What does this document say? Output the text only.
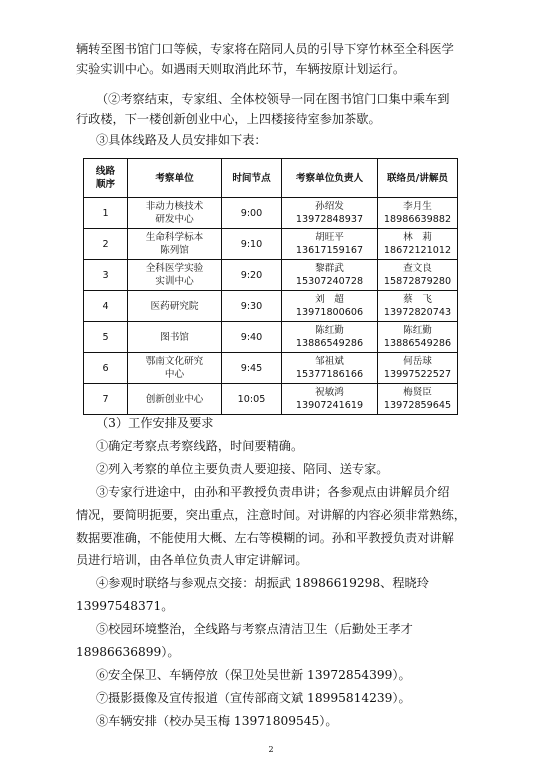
辆转至图书馆门口等候，专家将在陪同人员的引导下穿竹林至全科医学
实验实训中心。如遇雨天则取消此环节，车辆按原计划运行。
（②考察结束，专家组、全体校领导一同在图书馆门口集中乘车到
行政楼，下一楼创新创业中心，上四楼接待室参加茶歇。
③具体线路及人员安排如下表：
线路
顺序	考察单位	时间节点	考察单位负责人	联络员/讲解员
1	非动力核技术
研发中心	9:00	孙绍发
13972848937	李月生
18986639882

2	生命科学标本
陈列馆	9:10	胡旺平
13617159167	林　莉
18672121012

3	全科医学实验
实训中心	9:20	黎群武
15307240728	查文良
15872879280

4	医药研究院	9:30	刘　超
13971800606	蔡　飞
13972820743

5	图书馆	9:40	陈红勤
13886549286	陈红勤
13886549286

6	鄂南文化研究
中心	9:45	邹祖斌
15377186166	何岳球
13997522527

7	创新创业中心	10:05	祝敏鸿
13907241619	梅贤臣
13972859645
（3）工作安排及要求
①确定考察点考察线路，时间要精确。
②列入考察的单位主要负责人要迎接、陪同、送专家。
③专家行进途中，由孙和平教授负责串讲；各参观点由讲解员介绍
情况，要简明扼要，突出重点，注意时间。对讲解的内容必须非常熟练，
数据要准确，不能使用大概、左右等模糊的词。孙和平教授负责对讲解
员进行培训，由各单位负责人审定讲解词。
④参观时联络与参观点交接：胡振武 18986619298、程晓玲
13997548371。
⑤校园环境整治，全线路与考察点清洁卫生（后勤处王孝才
18986636899）。
⑥安全保卫、车辆停放（保卫处吴世新 13972854399）。
⑦摄影摄像及宣传报道（宣传部商文斌 18995814239）。
⑧车辆安排（校办吴玉梅 13971809545）。
2
